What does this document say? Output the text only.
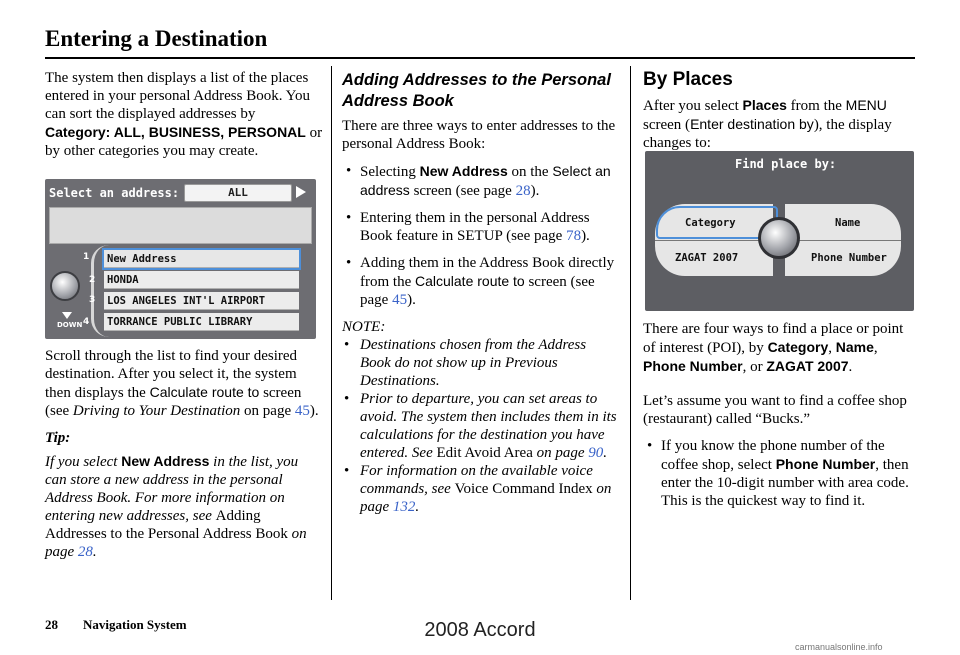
Entering a Destination

The system then displays a list of the places entered in your personal Address Book. You can sort the displayed addresses by Category: ALL, BUSINESS, PERSONAL or by other categories you may create.

Select an address:	ALL
1
2
3
4
DOWN
New Address
HONDA
LOS ANGELES INT'L AIRPORT
TORRANCE PUBLIC LIBRARY

Scroll through the list to find your desired destination. After you select it, the system then displays the Calculate route to screen (see Driving to Your Destination on page 45).

Tip:

If you select New Address in the list, you can store a new address in the personal Address Book. For more information on entering new addresses, see Adding Addresses to the Personal Address Book on page 28.

Adding Addresses to the Personal Address Book

There are three ways to enter addresses to the personal Address Book:

• Selecting New Address on the Select an address screen (see page 28).
• Entering them in the personal Address Book feature in SETUP (see page 78).
• Adding them in the Address Book directly from the Calculate route to screen (see page 45).

NOTE:

• Destinations chosen from the Address Book do not show up in Previous Destinations.
• Prior to departure, you can set areas to avoid. The system then includes them in its calculations for the destination you have entered. See Edit Avoid Area on page 90.
• For information on the available voice commands, see Voice Command Index on page 132.
By Places

After you select Places from the MENU screen (Enter destination by), the display changes to:

Find place by:
Category	Name
ZAGAT 2007	Phone Number

There are four ways to find a place or point of interest (POI), by Category, Name, Phone Number, or ZAGAT 2007.

Let’s assume you want to find a coffee shop (restaurant) called “Bucks.”

• If you know the phone number of the coffee shop, select Phone Number, then enter the 10-digit number with area code. This is the quickest way to find it.
28 Navigation System	2008 Accord
carmanualsonline.info
